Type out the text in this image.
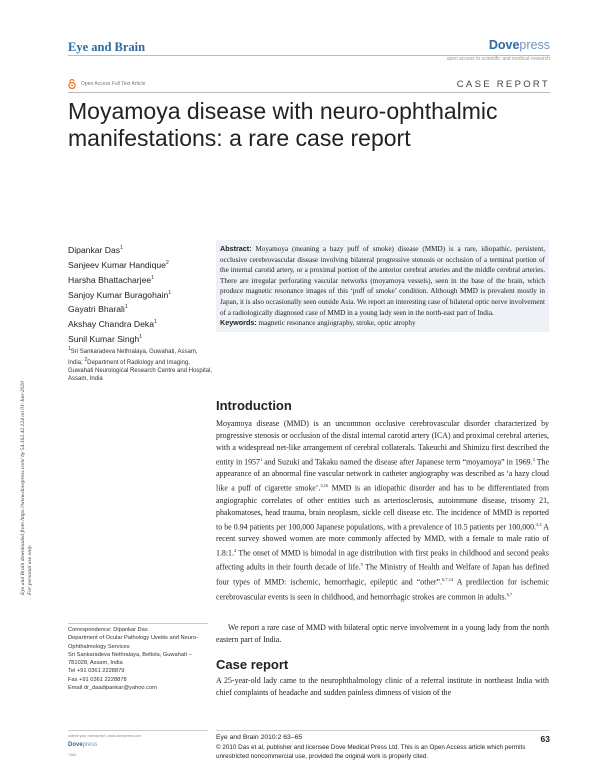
Eye and Brain	Dovepress
open access to scientific and medical research
Open Access Full Text Article	CASE REPORT
Moyamoya disease with neuro-ophthalmic manifestations: a rare case report
Eye and Brain downloaded from https://www.dovepress.com/ by 54.162.42.124 on 01-Jun-2020 For personal use only.
Dipankar Das$^1$
Sanjeev Kumar Handique$^2$
Harsha Bhattacharjee$^1$
Sanjoy Kumar Buragohain$^1$
Gayatri Bharali$^1$
Akshay Chandra Deka$^1$
Sunil Kumar Singh$^1$
$^1$Sri Sankaradeva Nethralaya, Guwahati, Assam, India; $^2$Department of Radiology and Imaging, Guwahati Neurological Research Centre and Hospital, Assam, India
Correspondence: Dipankar Das
Department of Ocular Pathology Uveitis and Neuro-Ophthalmology Services
Sri Sankaradeva Nethralaya, Beltola, Guwahati – 781028, Assam, India
Tel +91 0361 2228879
Fax +91 0361 2228878
Email dr_daadipankar@yahoo.com
Abstract: Moyamoya (meaning a hazy puff of smoke) disease (MMD) is a rare, idiopathic, persistent, occlusive cerebrovascular disease involving bilateral progressive stenosis or occlusion of a terminal portion of the internal carotid artery, or a proximal portion of the anterior cerebral arteries and the middle cerebral arteries. There are irregular perforating vascular networks (moyamoya vessels), seen in the base of the brain, which produce magnetic resonance images of this ‘puff of smoke’ condition. Although MMD is prevalent mostly in Japan, it is also occasionally seen outside Asia. We report an interesting case of bilateral optic nerve involvement of a radiologically diagnosed case of MMD in a young lady seen in the north-east part of India.
Keywords: magnetic resonance angiography, stroke, optic atrophy
Introduction
Moyamoya disease (MMD) is an uncommon occlusive cerebrovascular disorder characterized by progressive stenosis or occlusion of the distal internal carotid artery (ICA) and proximal cerebral arteries, with a widespread net-like arrangement of cerebral collaterals. Takeuchi and Shimizu first described the entity in 1957$^1$ and Suzuki and Takaku named the disease after Japanese term “moyamoya” in 1969.$^2$ The appearance of an abnormal fine vascular network in catheter angiography was described as ‘a hazy cloud like a puff of cigarette smoke’.$^{3,16}$ MMD is an idiopathic disorder and has to be differentiated from angiographic correlates of other entities such as arteriosclerosis, autoimmune disease, trisomy 21, phakomatoses, head trauma, brain neoplasm, sickle cell disease etc. The incidence of MMD is reported to be 0.94 patients per 100,000 Japanese populations, with a prevalence of 10.5 patients per 100,000.$^{3,4}$ A recent survey showed women are more commonly affected by MMD, with a female to male ratio of 1.8:1.$^4$ The onset of MMD is bimodal in age distribution with first peaks in childhood and second peaks affecting adults in their fourth decade of life.$^5$ The Ministry of Health and Welfare of Japan has defined four types of MMD: ischemic, hemorrhagic, epileptic and “other”.$^{6,7,14}$ A predilection for ischemic cerebrovascular events is seen in childhood, and hemorrhagic strokes are common in adults.$^{6,7}$
We report a rare case of MMD with bilateral optic nerve involvement in a young lady from the north eastern part of India.
Case report
A 25-year-old lady came to the neurophthalmology clinic of a referral institute in northeast India with chief complaints of headache and sudden painless dimness of vision of the
submit your manuscript | www.dovepress.com
Dovepress
7464
Eye and Brain 2010:2 63–65	63
© 2010 Das et al, publisher and licensee Dove Medical Press Ltd. This is an Open Access article which permits unrestricted noncommercial use, provided the original work is properly cited.
